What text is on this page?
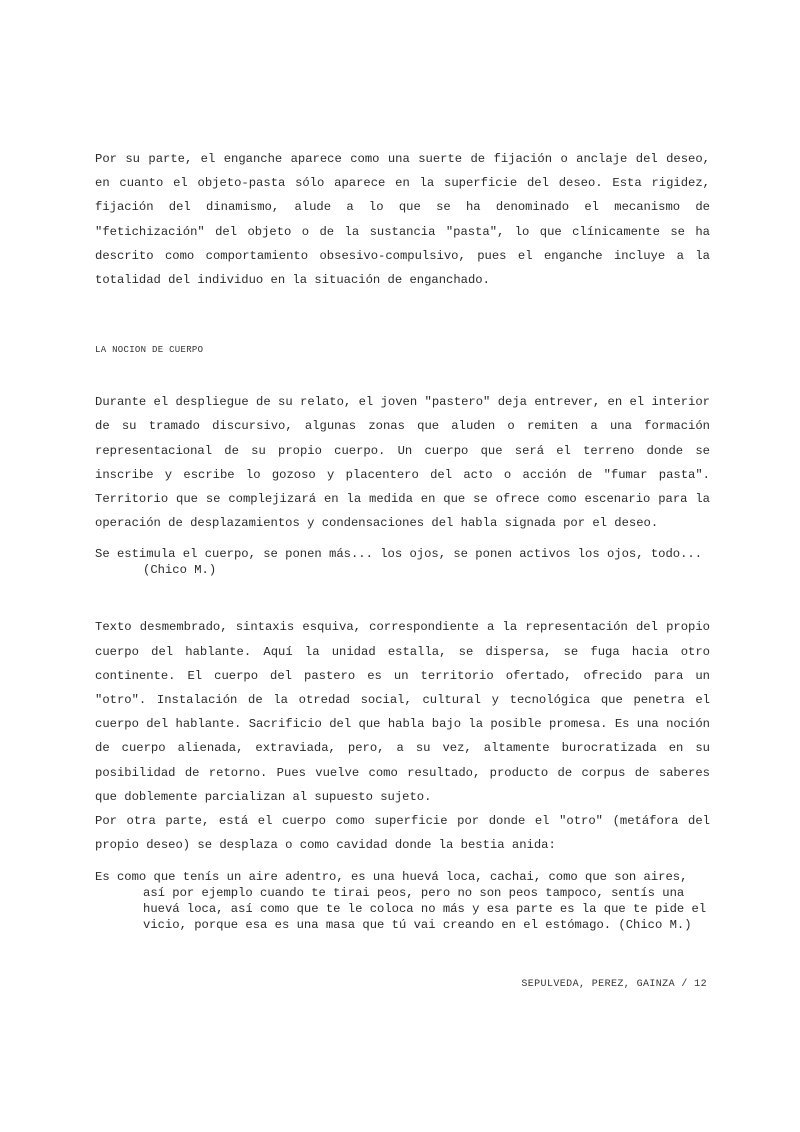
Por su parte, el enganche aparece como una suerte de fijación o anclaje del deseo, en cuanto el objeto-pasta sólo aparece en la superficie del deseo. Esta rigidez, fijación del dinamismo, alude a lo que se ha denominado el mecanismo de "fetichización" del objeto o de la sustancia "pasta", lo que clínicamente se ha descrito como comportamiento obsesivo-compulsivo, pues el enganche incluye a la totalidad del individuo en la situación de enganchado.

LA NOCION DE CUERPO

Durante el despliegue de su relato, el joven "pastero" deja entrever, en el interior de su tramado discursivo, algunas zonas que aluden o remiten a una formación representacional de su propio cuerpo. Un cuerpo que será el terreno donde se inscribe y escribe lo gozoso y placentero del acto o acción de "fumar pasta". Territorio que se complejizará en la medida en que se ofrece como escenario para la operación de desplazamientos y condensaciones del habla signada por el deseo.

Se estimula el cuerpo, se ponen más... los ojos, se ponen activos los ojos, todo... (Chico M.)

Texto desmembrado, sintaxis esquiva, correspondiente a la representación del propio cuerpo del hablante. Aquí la unidad estalla, se dispersa, se fuga hacia otro continente. El cuerpo del pastero es un territorio ofertado, ofrecido para un "otro". Instalación de la otredad social, cultural y tecnológica que penetra el cuerpo del hablante. Sacrificio del que habla bajo la posible promesa. Es una noción de cuerpo alienada, extraviada, pero, a su vez, altamente burocratizada en su posibilidad de retorno. Pues vuelve como resultado, producto de corpus de saberes que doblemente parcializan al supuesto sujeto.

Por otra parte, está el cuerpo como superficie por donde el "otro" (metáfora del propio deseo) se desplaza o como cavidad donde la bestia anida:

Es como que tenís un aire adentro, es una huevá loca, cachai, como que son aires, así por ejemplo cuando te tirai peos, pero no son peos tampoco, sentís una huevá loca, así como que te le coloca no más y esa parte es la que te pide el vicio, porque esa es una masa que tú vai creando en el estómago. (Chico M.)

SEPULVEDA, PEREZ, GAINZA / 12
